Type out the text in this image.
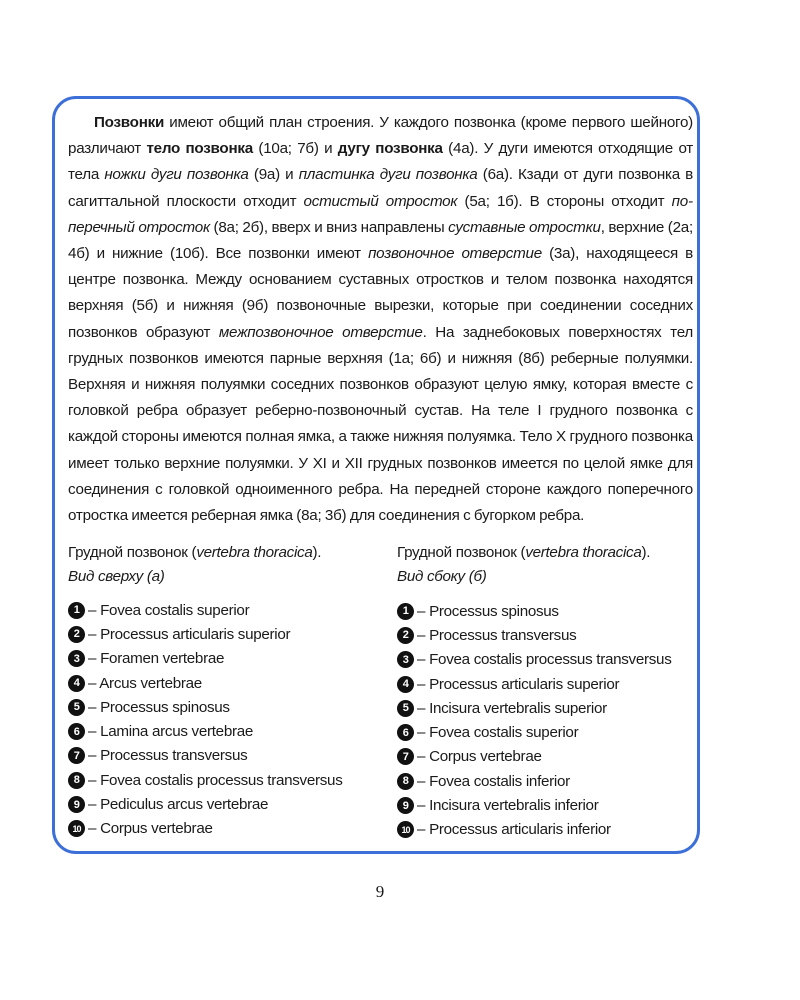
Позвонки имеют общий план строения. У каждого позвонка (кроме первого шейного) различают тело позвонка (10а; 7б) и дугу позвонка (4а). У дуги имеются отходящие от тела ножки дуги позвонка (9а) и пластинка дуги позвонка (6а). Кзади от дуги позвонка в сагиттальной плоскости отходит остистый отросток (5а; 1б). В стороны отходит поперечный отросток (8а; 2б), вверх и вниз направлены суставные отростки, верхние (2а; 4б) и нижние (10б). Все позвонки имеют позвоночное отверстие (3а), находящееся в центре позвонка. Между основанием суставных отростков и телом позвонка находятся верхняя (5б) и нижняя (9б) позвоночные вырезки, которые при соединении соседних позвонков образуют межпозвоночное отверстие. На заднебоковых поверхностях тел грудных позвонков имеются парные верхняя (1а; 6б) и нижняя (8б) реберные полуямки. Верхняя и нижняя полуямки соседних позвонков образуют целую ямку, которая вместе с головкой ребра образует реберно-позвоночный сустав. На теле I грудного позвонка с каждой стороны имеются полная ямка, а также нижняя полуямка. Тело X грудного позвонка имеет только верхние полуямки. У XI и XII грудных позвонков имеется по целой ямке для соединения с головкой одноименного ребра. На передней стороне каждого поперечного отростка имеется реберная ямка (8а; 3б) для соединения с бугорком ребра.

Грудной позвонок (vertebra thoracica).
Вид сверху (а)
1 – Fovea costalis superior
2 – Processus articularis superior
3 – Foramen vertebrae
4 – Arcus vertebrae
5 – Processus spinosus
6 – Lamina arcus vertebrae
7 – Processus transversus
8 – Fovea costalis processus transversus
9 – Pediculus arcus vertebrae
10 – Corpus vertebrae
Грудной позвонок (vertebra thoracica).
Вид сбоку (б)
1 – Processus spinosus
2 – Processus transversus
3 – Fovea costalis processus transversus
4 – Processus articularis superior
5 – Incisura vertebralis superior
6 – Fovea costalis superior
7 – Corpus vertebrae
8 – Fovea costalis inferior
9 – Incisura vertebralis inferior
10 – Processus articularis inferior
9
